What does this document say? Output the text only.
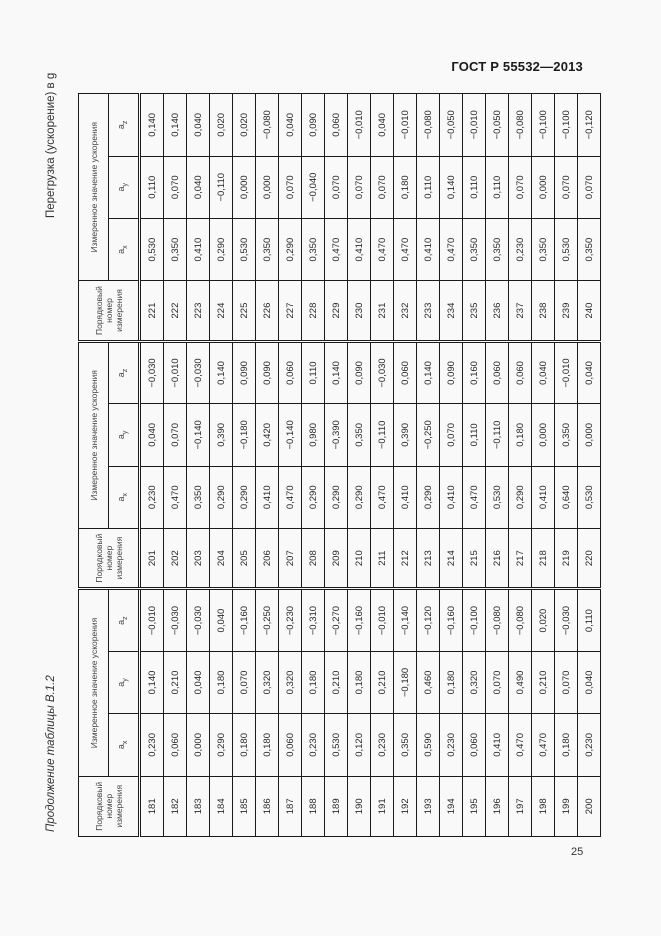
ГОСТ Р 55532—2013
Продолжение таблицы В.1.2
Перегрузка (ускорение) в g
Порядковый номер измерения	Измеренное значение ускорения			Порядковый номер измерения	Измеренное значение ускорения			Порядковый номер измерения	Измеренное значение ускорения		
	$a_x$	$a_y$	$a_z$		$a_x$	$a_y$	$a_z$		$a_x$	$a_y$	$a_z$
181	0,230	0,140	−0,010	201	0,230	0,040	−0,030	221	0,530	0,110	0,140
182	0,060	0,210	−0,030	202	0,470	0,070	−0,010	222	0,350	0,070	0,140
183	0,000	0,040	−0,030	203	0,350	−0,140	−0,030	223	0,410	0,040	0,040
184	0,290	0,180	0,040	204	0,290	0,390	0,140	224	0,290	−0,110	0,020
185	0,180	0,070	−0,160	205	0,290	−0,180	0,090	225	0,530	0,000	0,020
186	0,180	0,320	−0,250	206	0,410	0,420	0,090	226	0,350	0,000	−0,080
187	0,060	0,320	−0,230	207	0,470	−0,140	0,060	227	0,290	0,070	0,040
188	0,230	0,180	−0,310	208	0,290	0,980	0,110	228	0,350	−0,040	0,090
189	0,530	0,210	−0,270	209	0,290	−0,390	0,140	229	0,470	0,070	0,060
190	0,120	0,180	−0,160	210	0,290	0,350	0,090	230	0,410	0,070	−0,010
191	0,230	0,210	−0,010	211	0,470	−0,110	−0,030	231	0,470	0,070	0,040
192	0,350	−0,180	−0,140	212	0,410	0,390	0,060	232	0,470	0,180	−0,010
193	0,590	0,460	−0,120	213	0,290	−0,250	0,140	233	0,410	0,110	−0,080
194	0,230	0,180	−0,160	214	0,410	0,070	0,090	234	0,470	0,140	−0,050
195	0,060	0,320	−0,100	215	0,470	0,110	0,160	235	0,350	0,110	−0,010
196	0,410	0,070	−0,080	216	0,530	−0,110	0,060	236	0,350	0,110	−0,050
197	0,470	0,490	−0,080	217	0,290	0,180	0,060	237	0,230	0,070	−0,080
198	0,470	0,210	0,020	218	0,410	0,000	0,040	238	0,350	0,000	−0,100
199	0,180	0,070	−0,030	219	0,640	0,350	−0,010	239	0,530	0,070	−0,100
200	0,230	0,040	0,110	220	0,530	0,000	0,040	240	0,350	0,070	−0,120
25
